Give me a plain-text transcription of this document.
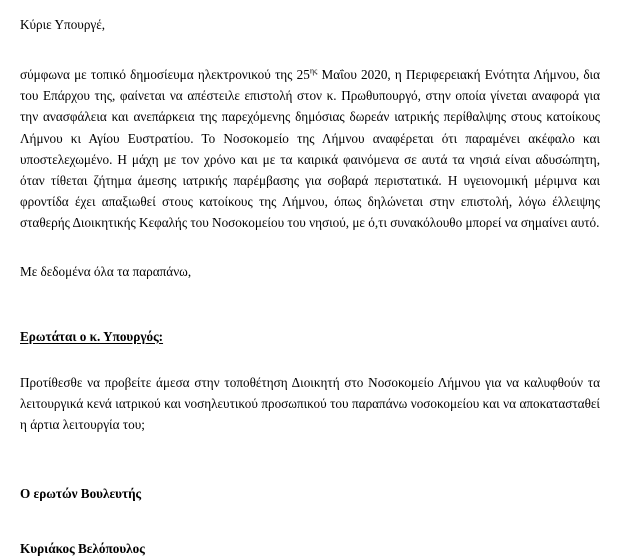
Κύριε Υπουργέ,

σύμφωνα με τοπικό δημοσίευμα ηλεκτρονικού της $25^{\eta\varsigma}$ Μαΐου 2020, η Περιφερειακή Ενότητα Λήμνου, δια του Επάρχου της, φαίνεται να απέστειλε επιστολή στον κ. Πρωθυπουργό, στην οποία γίνεται αναφορά για την ανασφάλεια και ανεπάρκεια της παρεχόμενης δημόσιας δωρεάν ιατρικής περίθαλψης στους κατοίκους Λήμνου κι Αγίου Ευστρατίου. Το Νοσοκομείο της Λήμνου αναφέρεται ότι παραμένει ακέφαλο και υποστελεχωμένο. Η μάχη με τον χρόνο και με τα καιρικά φαινόμενα σε αυτά τα νησιά είναι αδυσώπητη, όταν τίθεται ζήτημα άμεσης ιατρικής παρέμβασης για σοβαρά περιστατικά. Η υγειονομική μέριμνα και φροντίδα έχει απαξιωθεί στους κατοίκους της Λήμνου, όπως δηλώνεται στην επιστολή, λόγω έλλειψης σταθερής Διοικητικής Κεφαλής του Νοσοκομείου του νησιού, με ό,τι συνακόλουθο μπορεί να σημαίνει αυτό.

Με δεδομένα όλα τα παραπάνω,

Ερωτάται ο κ. Υπουργός:

Προτίθεσθε να προβείτε άμεσα στην τοποθέτηση Διοικητή στο Νοσοκομείο Λήμνου για να καλυφθούν τα λειτουργικά κενά ιατρικού και νοσηλευτικού προσωπικού του παραπάνω νοσοκομείου και να αποκατασταθεί η άρτια λειτουργία του;

Ο ερωτών Βουλευτής

Κυριάκος Βελόπουλος
